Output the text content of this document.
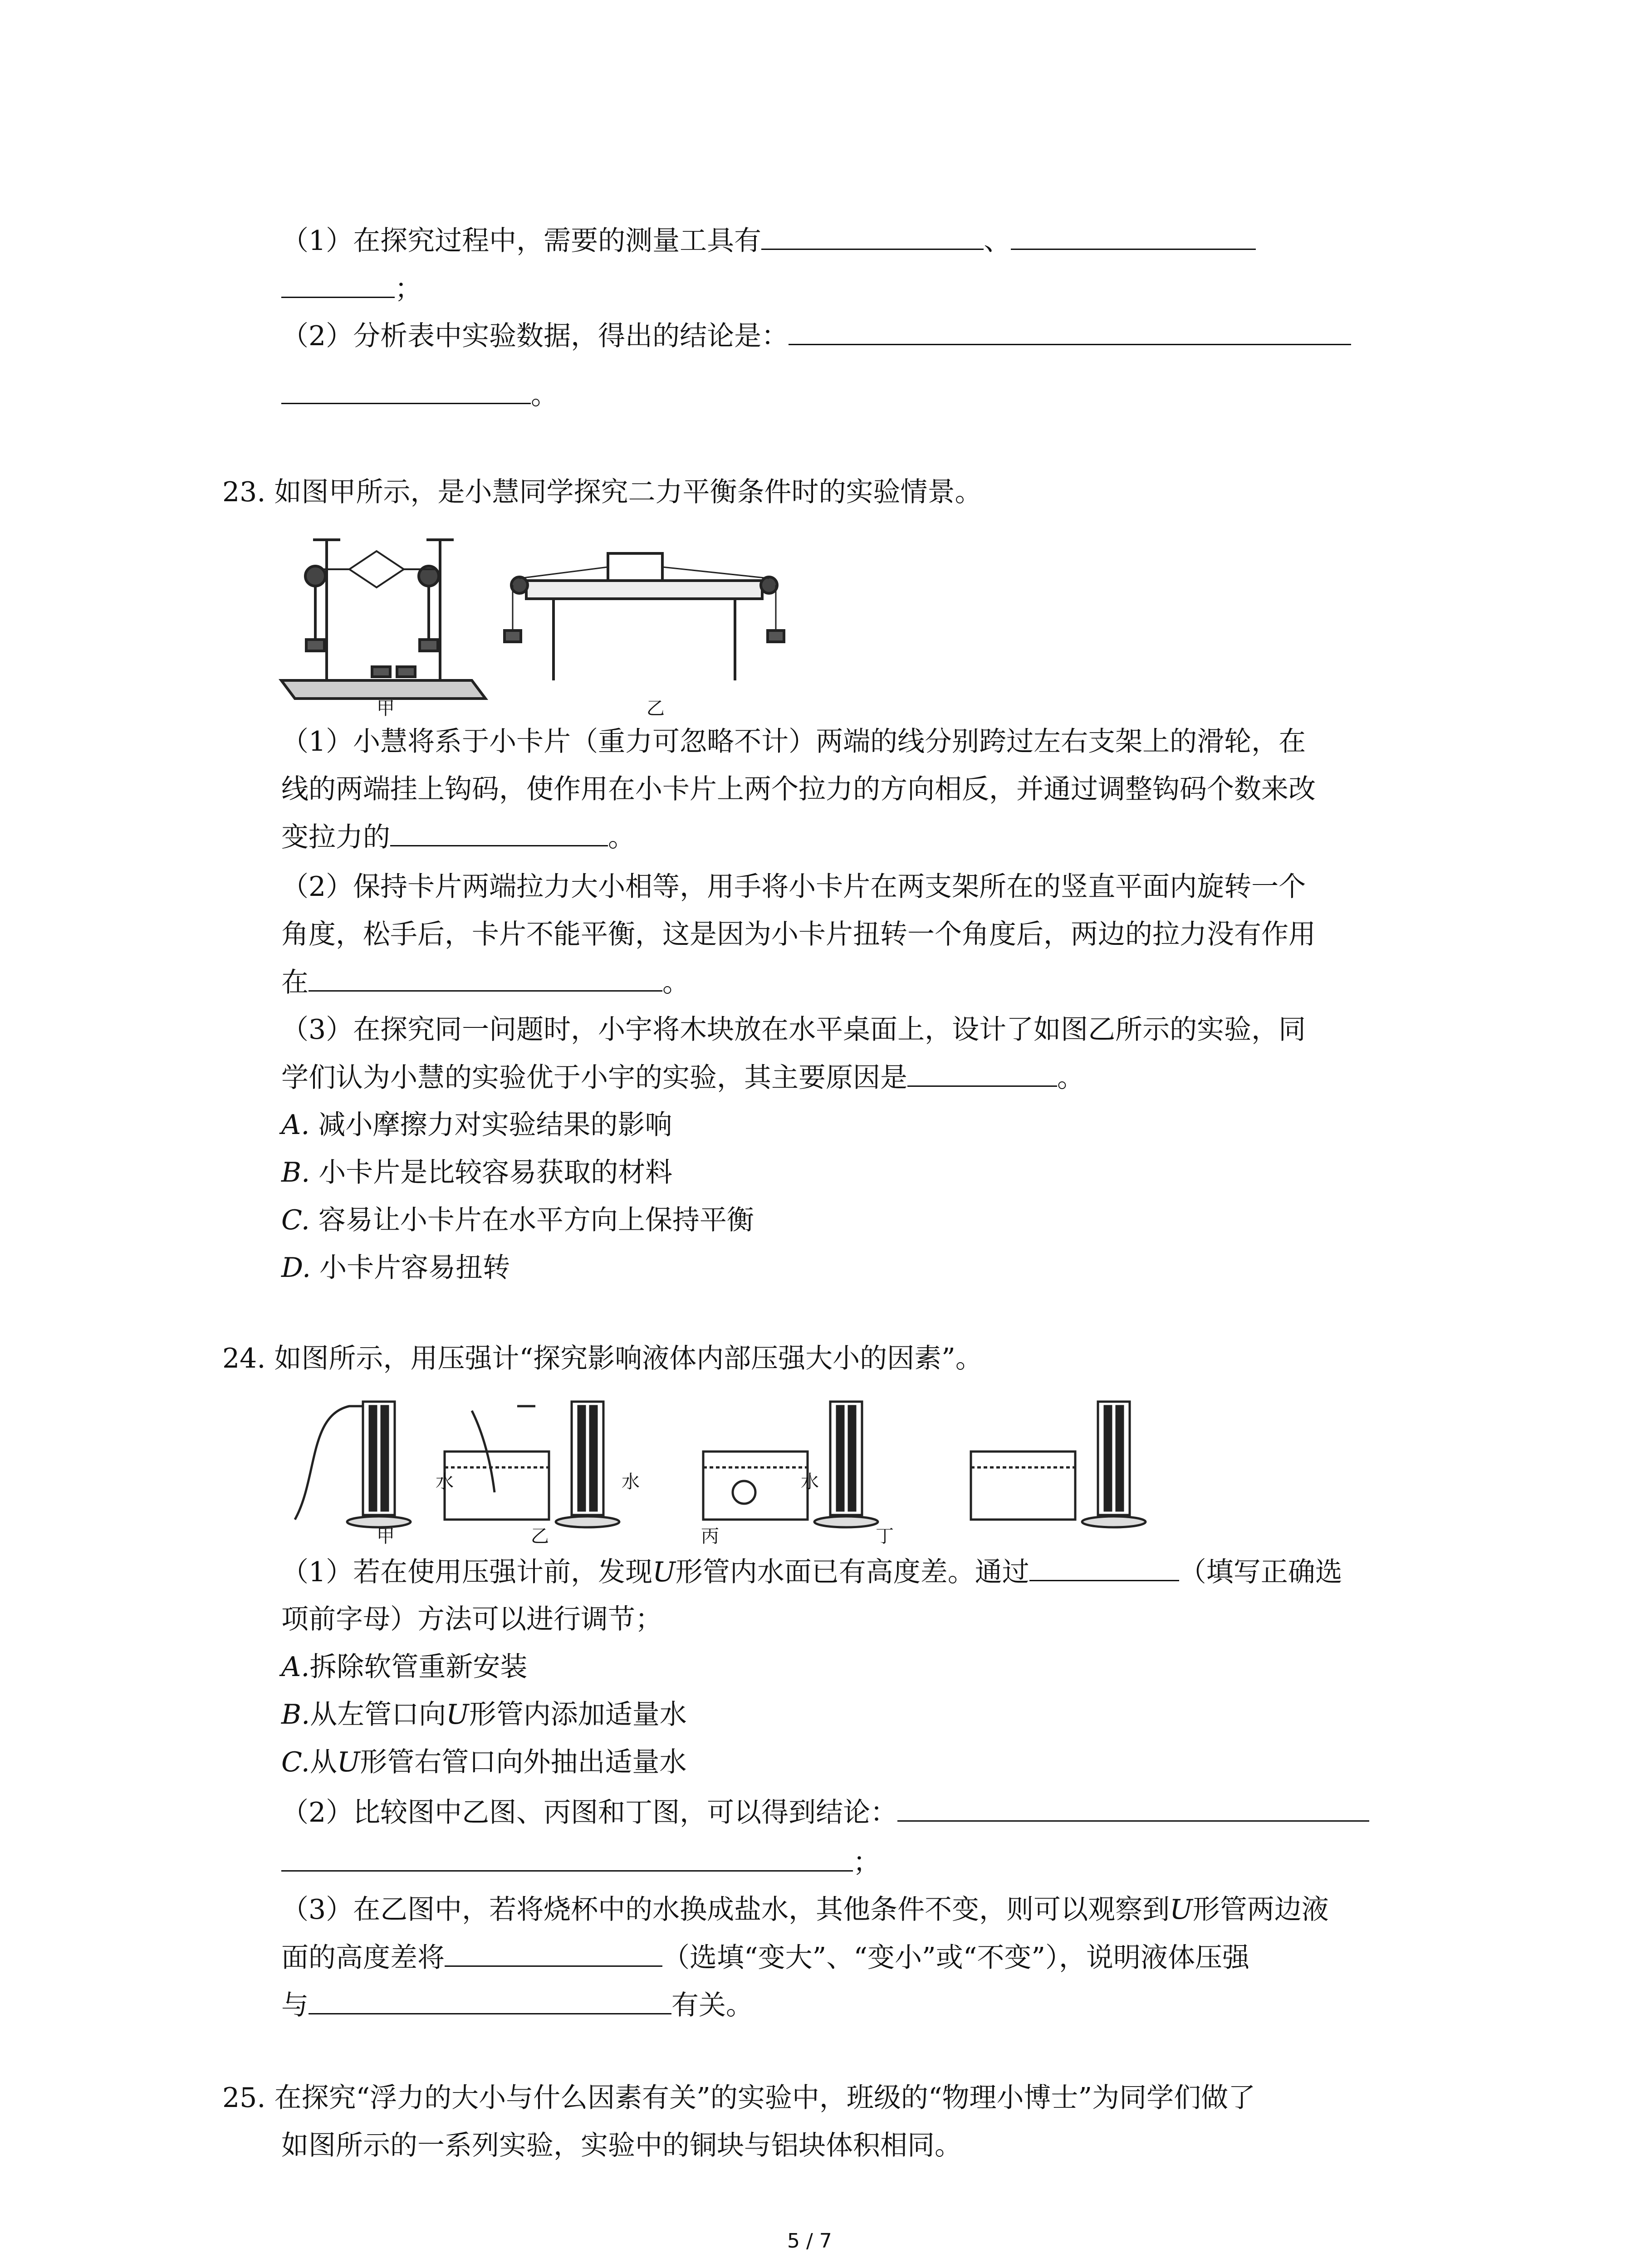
（1）在探究过程中，需要的测量工具有	、
；
（2）分析表中实验数据，得出的结论是：
。
23. 如图甲所示，是小慧同学探究二力平衡条件时的实验情景。
甲	乙
（1）小慧将系于小卡片（重力可忽略不计）两端的线分别跨过左右支架上的滑轮，在
线的两端挂上钩码，使作用在小卡片上两个拉力的方向相反，并通过调整钩码个数来改
变拉力的	。
（2）保持卡片两端拉力大小相等，用手将小卡片在两支架所在的竖直平面内旋转一个
角度，松手后，卡片不能平衡，这是因为小卡片扭转一个角度后，两边的拉力没有作用
在	。
（3）在探究同一问题时，小宇将木块放在水平桌面上，设计了如图乙所示的实验，同
学们认为小慧的实验优于小宇的实验，其主要原因是	。
A. 减小摩擦力对实验结果的影响
B. 小卡片是比较容易获取的材料
C. 容易让小卡片在水平方向上保持平衡
D. 小卡片容易扭转
24. 如图所示，用压强计“探究影响液体内部压强大小的因素”。
甲	乙	丙	丁
水	水	水
（1）若在使用压强计前，发现U形管内水面已有高度差。通过	（填写正确选
项前字母）方法可以进行调节；
A.拆除软管重新安装
B.从左管口向U形管内添加适量水
C.从U形管右管口向外抽出适量水
（2）比较图中乙图、丙图和丁图，可以得到结论：
；
（3）在乙图中，若将烧杯中的水换成盐水，其他条件不变，则可以观察到U形管两边液
面的高度差将	（选填“变大”、“变小”或“不变”），说明液体压强
与	有关。
25. 在探究“浮力的大小与什么因素有关”的实验中，班级的“物理小博士”为同学们做了
如图所示的一系列实验，实验中的铜块与铝块体积相同。
5 / 7
